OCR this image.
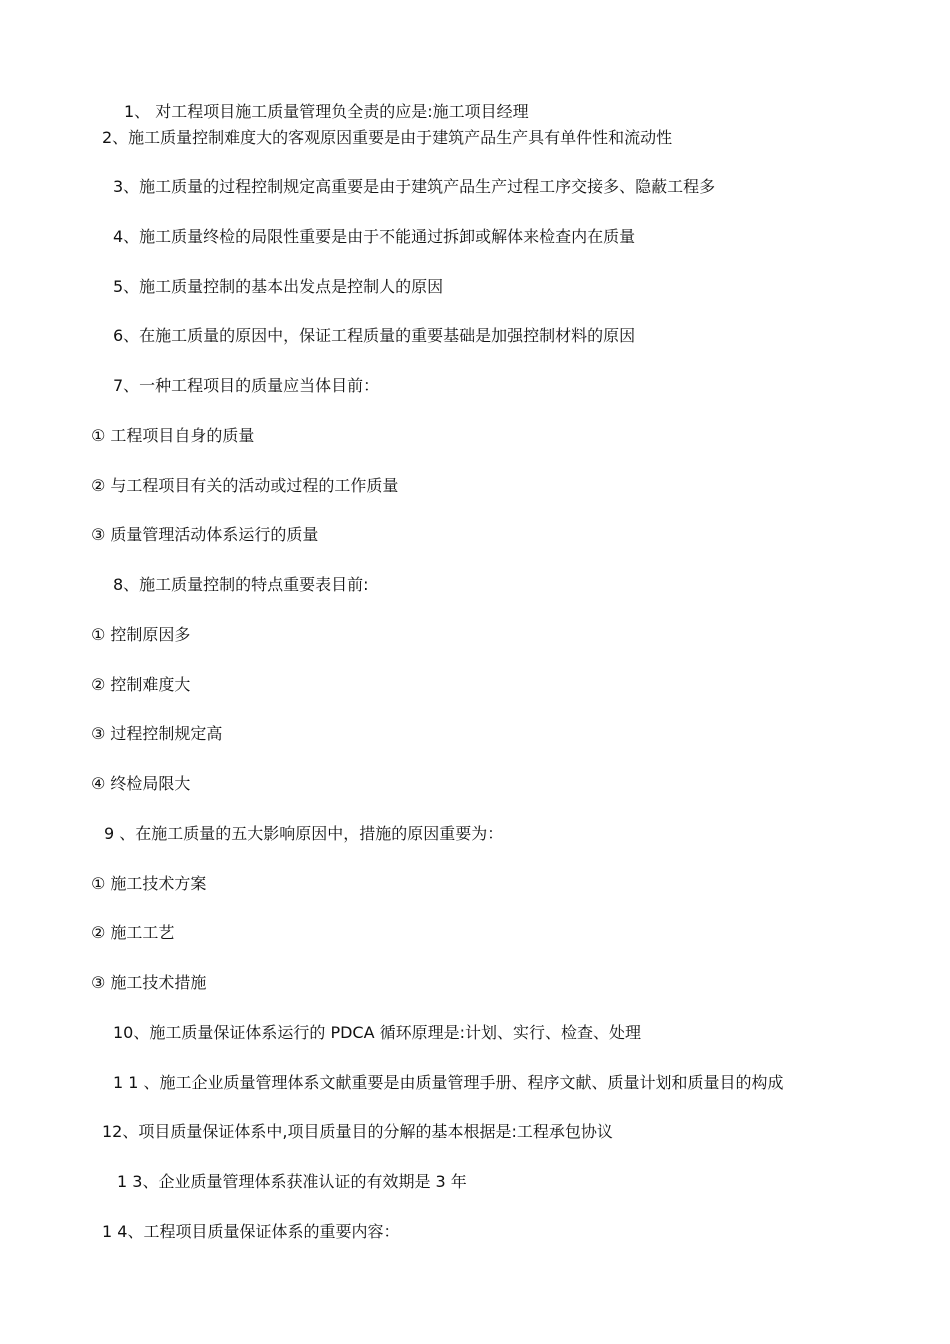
1、 对工程项目施工质量管理负全责的应是:施工项目经理
2、施工质量控制难度大的客观原因重要是由于建筑产品生产具有单件性和流动性
3、施工质量的过程控制规定高重要是由于建筑产品生产过程工序交接多、隐蔽工程多
4、施工质量终检的局限性重要是由于不能通过拆卸或解体来检查内在质量
5、施工质量控制的基本出发点是控制人的原因
6、在施工质量的原因中，保证工程质量的重要基础是加强控制材料的原因
7、一种工程项目的质量应当体目前：
① 工程项目自身的质量
② 与工程项目有关的活动或过程的工作质量
③ 质量管理活动体系运行的质量
8、施工质量控制的特点重要表目前:
① 控制原因多
② 控制难度大
③ 过程控制规定高
④ 终检局限大
9 、在施工质量的五大影响原因中，措施的原因重要为：
① 施工技术方案
② 施工工艺
③ 施工技术措施
10、施工质量保证体系运行的 PDCA 循环原理是:计划、实行、检查、处理
1 1 、施工企业质量管理体系文献重要是由质量管理手册、程序文献、质量计划和质量目的构成
12、项目质量保证体系中,项目质量目的分解的基本根据是:工程承包协议
1 3、企业质量管理体系获准认证的有效期是 3 年
1 4、工程项目质量保证体系的重要内容：
